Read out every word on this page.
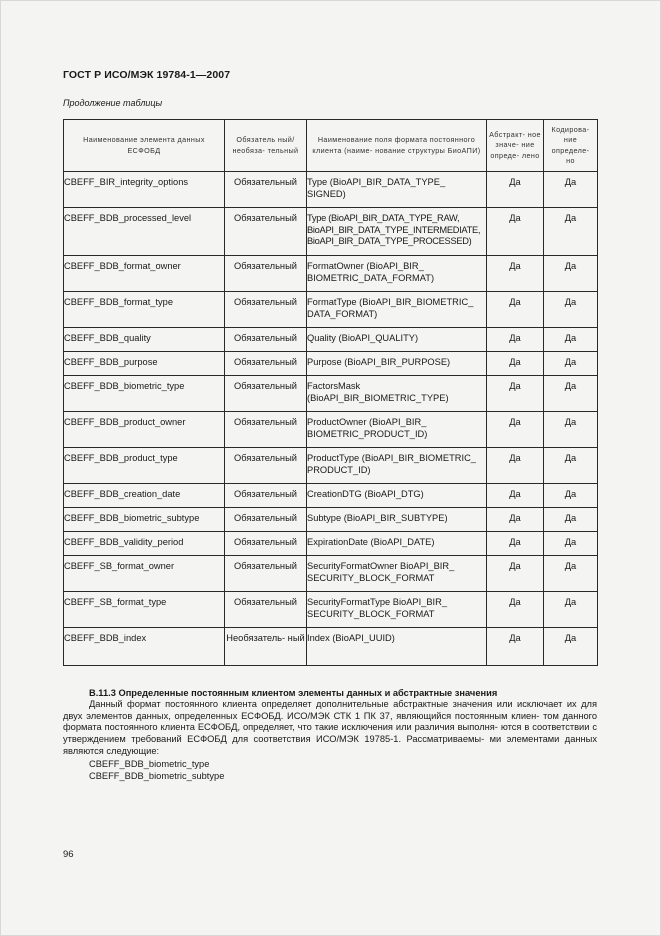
ГОСТ Р ИСО/МЭК 19784-1—2007
Продолжение таблицы
Наименование элемента данных ЕСФОБД	Обязатель ный/необяза- тельный	Наименование поля формата постоянного клиента (наиме- нование структуры БиоАПИ)	Абстракт- ное значе- ние опреде- лено	Кодирова- ние определе- но
CBEFF_BIR_integrity_options	Обязательный	Type (BioAPI_BIR_DATA_TYPE_ SIGNED)	Да	Да
CBEFF_BDB_processed_level	Обязательный	Type (BioAPI_BIR_DATA_TYPE_RAW, BioAPI_BIR_DATA_TYPE_INTERMEDIATE, BioAPI_BIR_DATA_TYPE_PROCESSED)	Да	Да
CBEFF_BDB_format_owner	Обязательный	FormatOwner (BioAPI_BIR_ BIOMETRIC_DATA_FORMAT)	Да	Да
CBEFF_BDB_format_type	Обязательный	FormatType (BioAPI_BIR_BIOMETRIC_ DATA_FORMAT)	Да	Да
CBEFF_BDB_quality	Обязательный	Quality (BioAPI_QUALITY)	Да	Да
CBEFF_BDB_purpose	Обязательный	Purpose (BioAPI_BIR_PURPOSE)	Да	Да
CBEFF_BDB_biometric_type	Обязательный	FactorsMask (BioAPI_BIR_BIOMETRIC_TYPE)	Да	Да
CBEFF_BDB_product_owner	Обязательный	ProductOwner (BioAPI_BIR_ BIOMETRIC_PRODUCT_ID)	Да	Да
CBEFF_BDB_product_type	Обязательный	ProductType (BioAPI_BIR_BIOMETRIC_ PRODUCT_ID)	Да	Да
CBEFF_BDB_creation_date	Обязательный	CreationDTG (BioAPI_DTG)	Да	Да
CBEFF_BDB_biometric_subtype	Обязательный	Subtype (BioAPI_BIR_SUBTYPE)	Да	Да
CBEFF_BDB_validity_period	Обязательный	ExpirationDate (BioAPI_DATE)	Да	Да
CBEFF_SB_format_owner	Обязательный	SecurityFormatOwner BioAPI_BIR_ SECURITY_BLOCK_FORMAT	Да	Да
CBEFF_SB_format_type	Обязательный	SecurityFormatType BioAPI_BIR_ SECURITY_BLOCK_FORMAT	Да	Да
CBEFF_BDB_index	Необязатель- ный	Index (BioAPI_UUID)	Да	Да
B.11.3 Определенные постоянным клиентом элементы данных и абстрактные значения
Данный формат постоянного клиента определяет дополнительные абстрактные значения или исключает их для двух элементов данных, определенных ЕСФОБД. ИСО/МЭК СТК 1 ПК 37, являющийся постоянным клиен- том данного формата постоянного клиента ЕСФОБД, определяет, что такие исключения или различия выполня- ются в соответствии с утверждением требований ЕСФОБД для соответствия ИСО/МЭК 19785-1. Рассматриваемы- ми элементами данных являются следующие:
CBEFF_BDB_biometric_type
CBEFF_BDB_biometric_subtype
96
